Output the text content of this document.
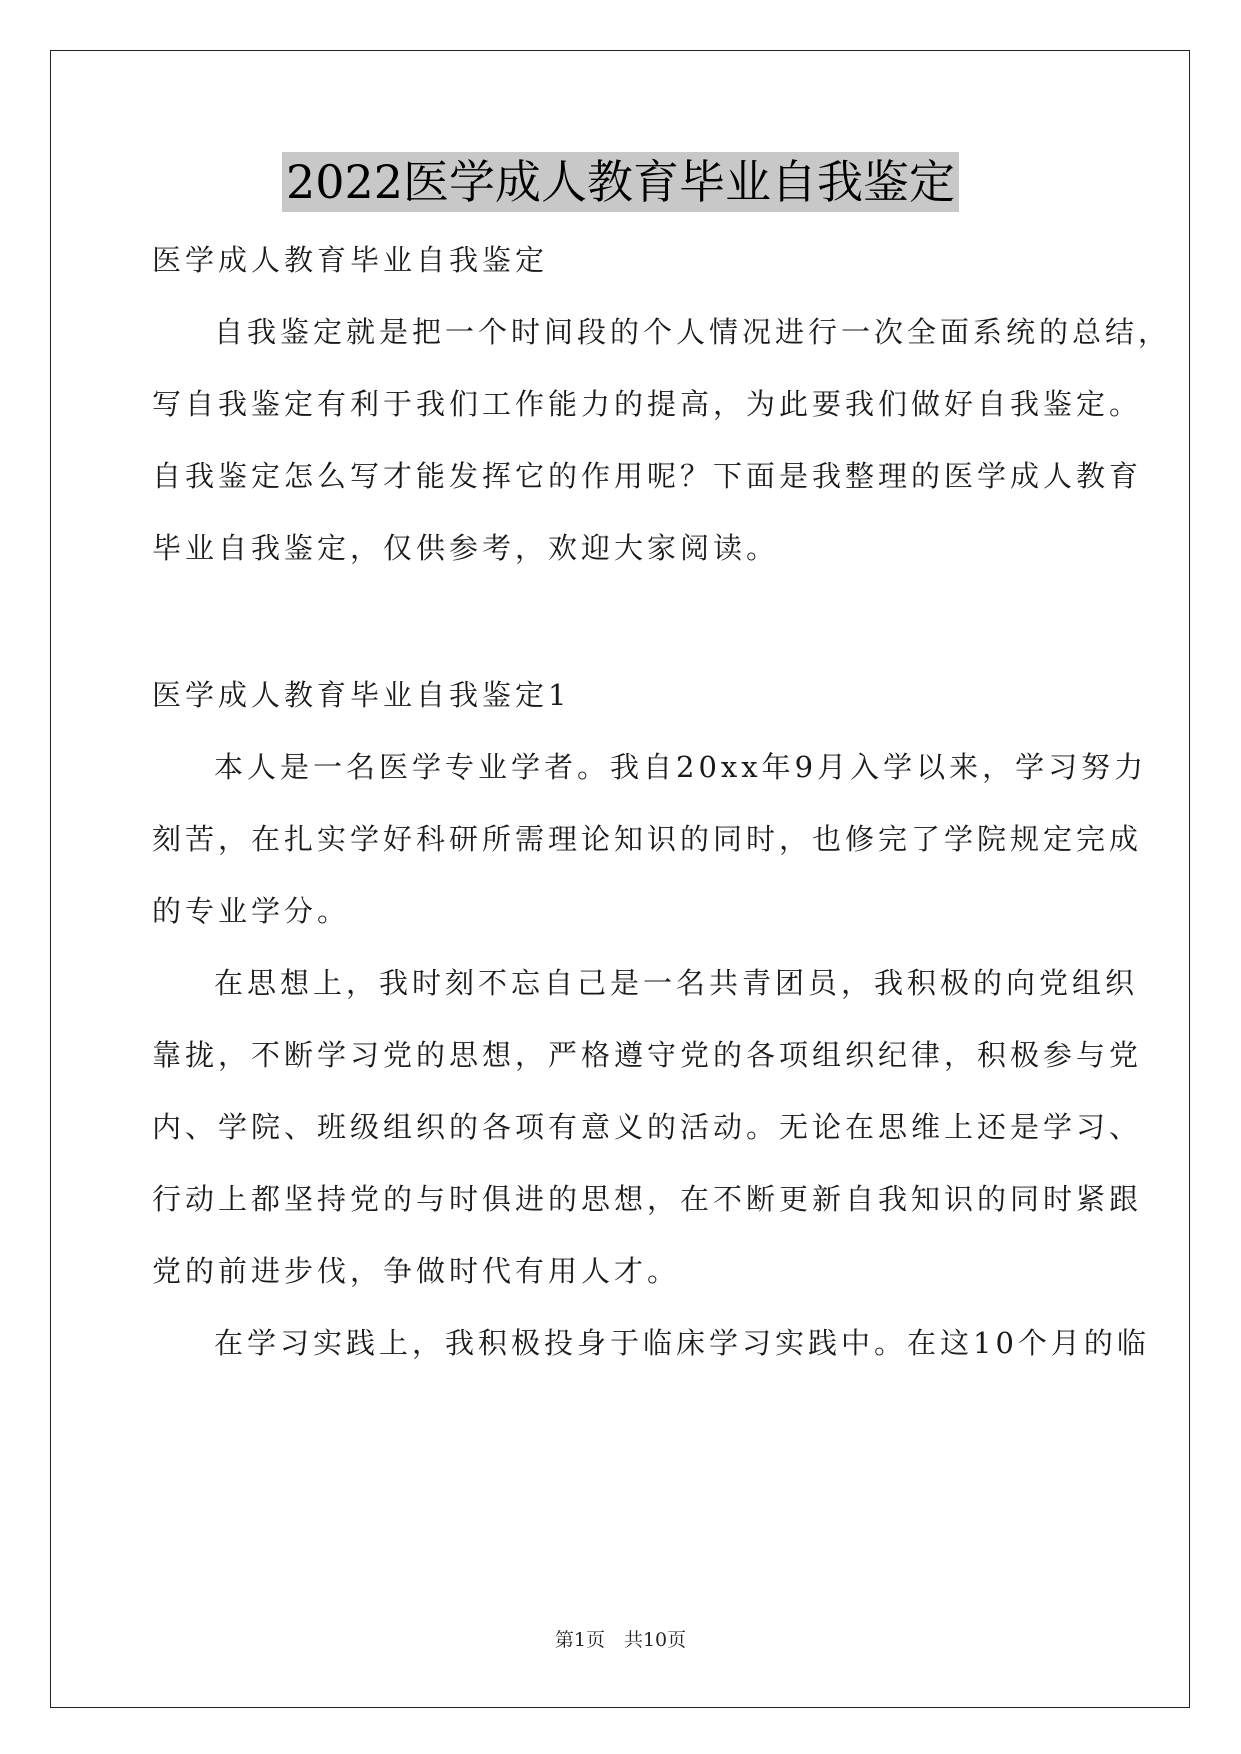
2022医学成人教育毕业自我鉴定
医学成人教育毕业自我鉴定
自我鉴定就是把一个时间段的个人情况进行一次全面系统的总结，
写自我鉴定有利于我们工作能力的提高，为此要我们做好自我鉴定。
自我鉴定怎么写才能发挥它的作用呢？下面是我整理的医学成人教育
毕业自我鉴定，仅供参考，欢迎大家阅读。
医学成人教育毕业自我鉴定1
本人是一名医学专业学者。我自20xx年9月入学以来，学习努力
刻苦，在扎实学好科研所需理论知识的同时，也修完了学院规定完成
的专业学分。
在思想上，我时刻不忘自己是一名共青团员，我积极的向党组织
靠拢，不断学习党的思想，严格遵守党的各项组织纪律，积极参与党
内、学院、班级组织的各项有意义的活动。无论在思维上还是学习、
行动上都坚持党的与时俱进的思想，在不断更新自我知识的同时紧跟
党的前进步伐，争做时代有用人才。
在学习实践上，我积极投身于临床学习实践中。在这10个月的临
第1页　共10页
